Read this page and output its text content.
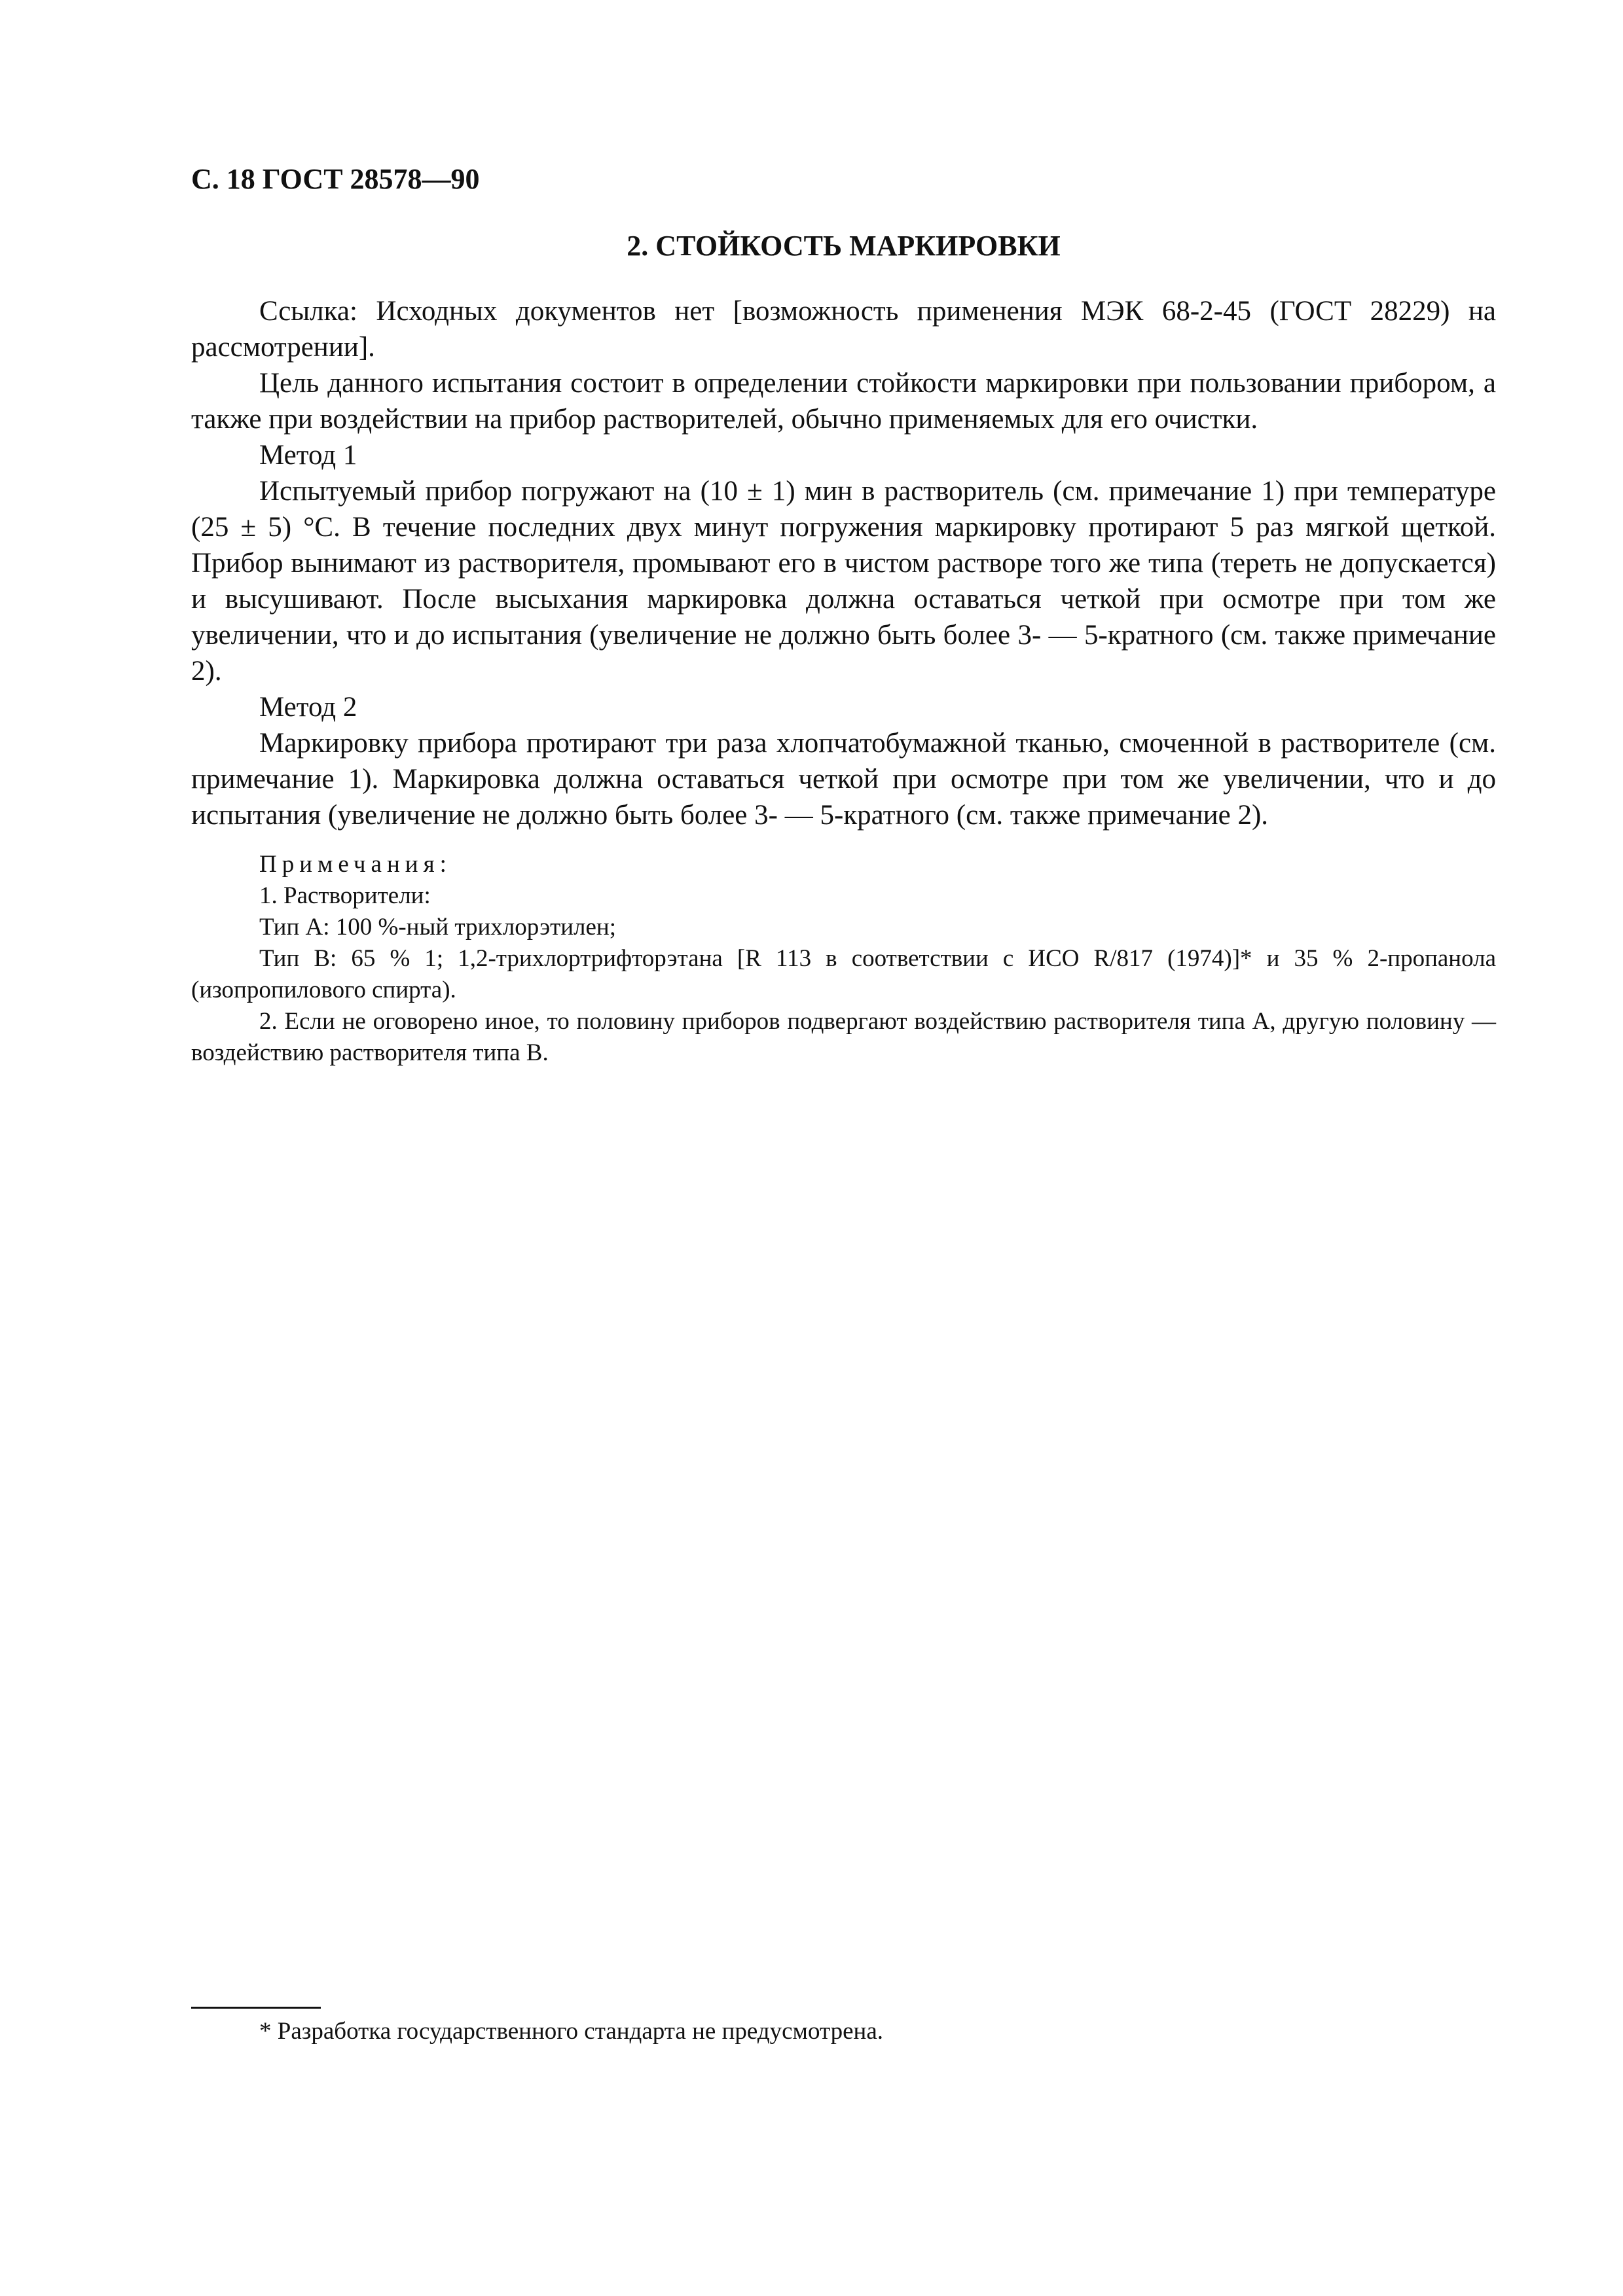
С. 18 ГОСТ 28578—90
2. СТОЙКОСТЬ МАРКИРОВКИ

Ссылка: Исходных документов нет [возможность применения МЭК 68-2-45 (ГОСТ 28229) на рассмотрении].

Цель данного испытания состоит в определении стойкости маркировки при пользовании прибором, а также при воздействии на прибор растворителей, обычно применяемых для его очистки.

Метод 1

Испытуемый прибор погружают на (10 ± 1) мин в растворитель (см. примечание 1) при температуре (25 ± 5) °С. В течение последних двух минут погружения маркировку протирают 5 раз мягкой щеткой. Прибор вынимают из растворителя, промывают его в чистом растворе того же типа (тереть не допускается) и высушивают. После высыхания маркировка должна оставаться четкой при осмотре при том же увеличении, что и до испытания (увеличение не должно быть более 3- — 5-кратного (см. также примечание 2).

Метод 2

Маркировку прибора протирают три раза хлопчатобумажной тканью, смоченной в растворителе (см. примечание 1). Маркировка должна оставаться четкой при осмотре при том же увеличении, что и до испытания (увеличение не должно быть более 3- — 5-кратного (см. также примечание 2).

Примечания:

1. Растворители:

Тип А: 100 %-ный трихлорэтилен;

Тип В: 65 % 1; 1,2-трихлортрифторэтана [R 113 в соответствии с ИСО R/817 (1974)]* и 35 % 2-пропанола (изопропилового спирта).

2. Если не оговорено иное, то половину приборов подвергают воздействию растворителя типа А, другую половину — воздействию растворителя типа В.

* Разработка государственного стандарта не предусмотрена.
